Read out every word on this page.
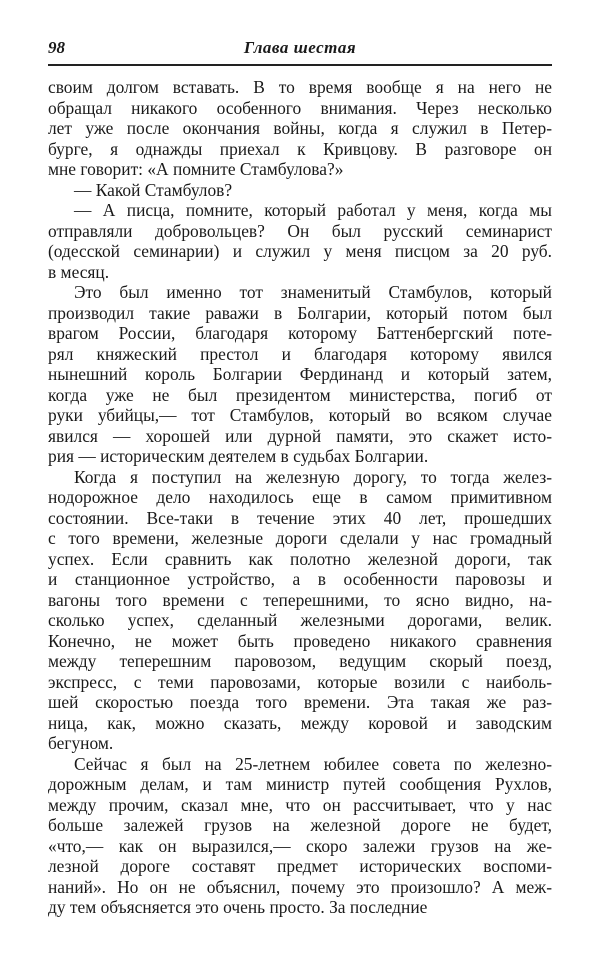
98	Глава шестая
своим долгом вставать. В то время вообще я на него не
обращал никакого особенного внимания. Через несколько
лет уже после окончания войны, когда я служил в Петер-
бурге, я однажды приехал к Кривцову. В разговоре он
мне говорит: «А помните Стамбулова?»
— Какой Стамбулов?
— А писца, помните, который работал у меня, когда мы
отправляли добровольцев? Он был русский семинарист
(одесской семинарии) и служил у меня писцом за 20 руб.
в месяц.
Это был именно тот знаменитый Стамбулов, который
производил такие раважи в Болгарии, который потом был
врагом России, благодаря которому Баттенбергский поте-
рял княжеский престол и благодаря которому явился
нынешний король Болгарии Фердинанд и который затем,
когда уже не был президентом министерства, погиб от
руки убийцы,— тот Стамбулов, который во всяком случае
явился — хорошей или дурной памяти, это скажет исто-
рия — историческим деятелем в судьбах Болгарии.
Когда я поступил на железную дорогу, то тогда желез-
нодорожное дело находилось еще в самом примитивном
состоянии. Все-таки в течение этих 40 лет, прошедших
с того времени, железные дороги сделали у нас громадный
успех. Если сравнить как полотно железной дороги, так
и станционное устройство, а в особенности паровозы и
вагоны того времени с теперешними, то ясно видно, на-
сколько успех, сделанный железными дорогами, велик.
Конечно, не может быть проведено никакого сравнения
между теперешним паровозом, ведущим скорый поезд,
экспресс, с теми паровозами, которые возили с наиболь-
шей скоростью поезда того времени. Эта такая же раз-
ница, как, можно сказать, между коровой и заводским
бегуном.
Сейчас я был на 25-летнем юбилее совета по железно-
дорожным делам, и там министр путей сообщения Рухлов,
между прочим, сказал мне, что он рассчитывает, что у нас
больше залежей грузов на железной дороге не будет,
«что,— как он выразился,— скоро залежи грузов на же-
лезной дороге составят предмет исторических воспоми-
наний». Но он не объяснил, почему это произошло? А меж-
ду тем объясняется это очень просто. За последние
